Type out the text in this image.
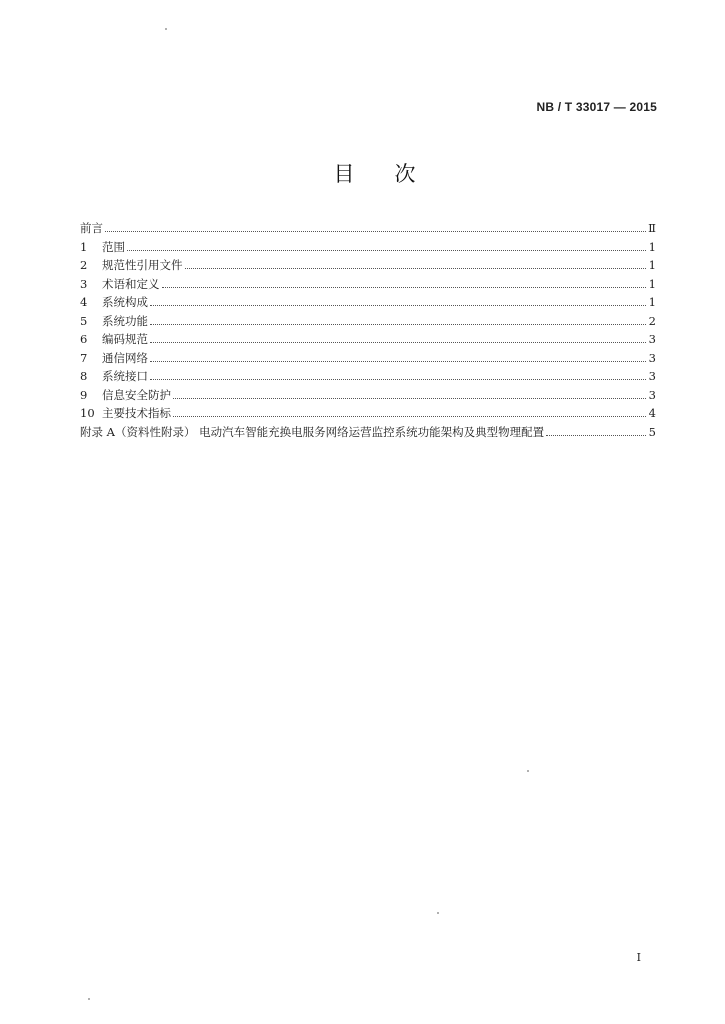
NB / T 33017 — 2015
目 次
前言	Ⅱ
1	范围	1
2	规范性引用文件	1
3	术语和定义	1
4	系统构成	1
5	系统功能	2
6	编码规范	3
7	通信网络	3
8	系统接口	3
9	信息安全防护	3
10 主要技术指标	4
附录 A（资料性附录） 电动汽车智能充换电服务网络运营监控系统功能架构及典型物理配置	5
I
